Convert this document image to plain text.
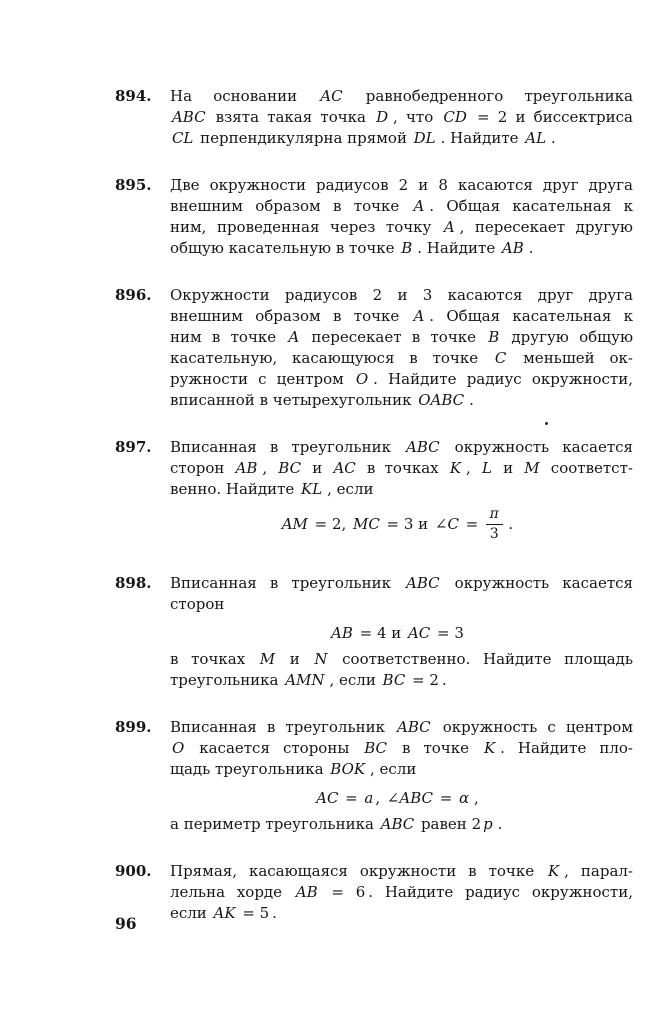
894.	На основании AC равнобедренного треугольника
ABC взята такая точка D , что CD = 2 и биссектриса
CL перпендикулярна прямой DL . Найдите AL .
895.	Две окружности радиусов 2 и 8 касаются друг друга
внешним образом в точке A . Общая касательная к
ним, проведенная через точку A , пересекает другую
общую касательную в точке B . Найдите AB .
896.	Окружности радиусов 2 и 3 касаются друг друга
внешним образом в точке A . Общая касательная к
ним в точке A пересекает в точке B другую общую
касательную, касающуюся в точке C меньшей ок-
ружности с центром O . Найдите радиус окружности,
вписанной в четырехугольник OABC .
897.	Вписанная в треугольник ABC окружность касается
сторон AB , BC и AC в точках K , L и M соответст-
венно. Найдите KL , если
AM = 2, MC = 3 и ∠C = $\frac{\pi}{3}$  .
898.	Вписанная в треугольник ABC окружность касается
сторон
AB = 4 и AC = 3
в точках M и N соответственно. Найдите площадь
треугольника AMN , если BC = 2 .
899.	Вписанная в треугольник ABC окружность с центром
O касается стороны BC в точке K . Найдите пло-
щадь треугольника BOK , если
AC = a , ∠ABC = α ,
а периметр треугольника ABC равен 2 p .
900.	Прямая, касающаяся окружности в точке K , парал-
лельна хорде AB = 6 . Найдите радиус окружности,
если AK = 5 .
96
